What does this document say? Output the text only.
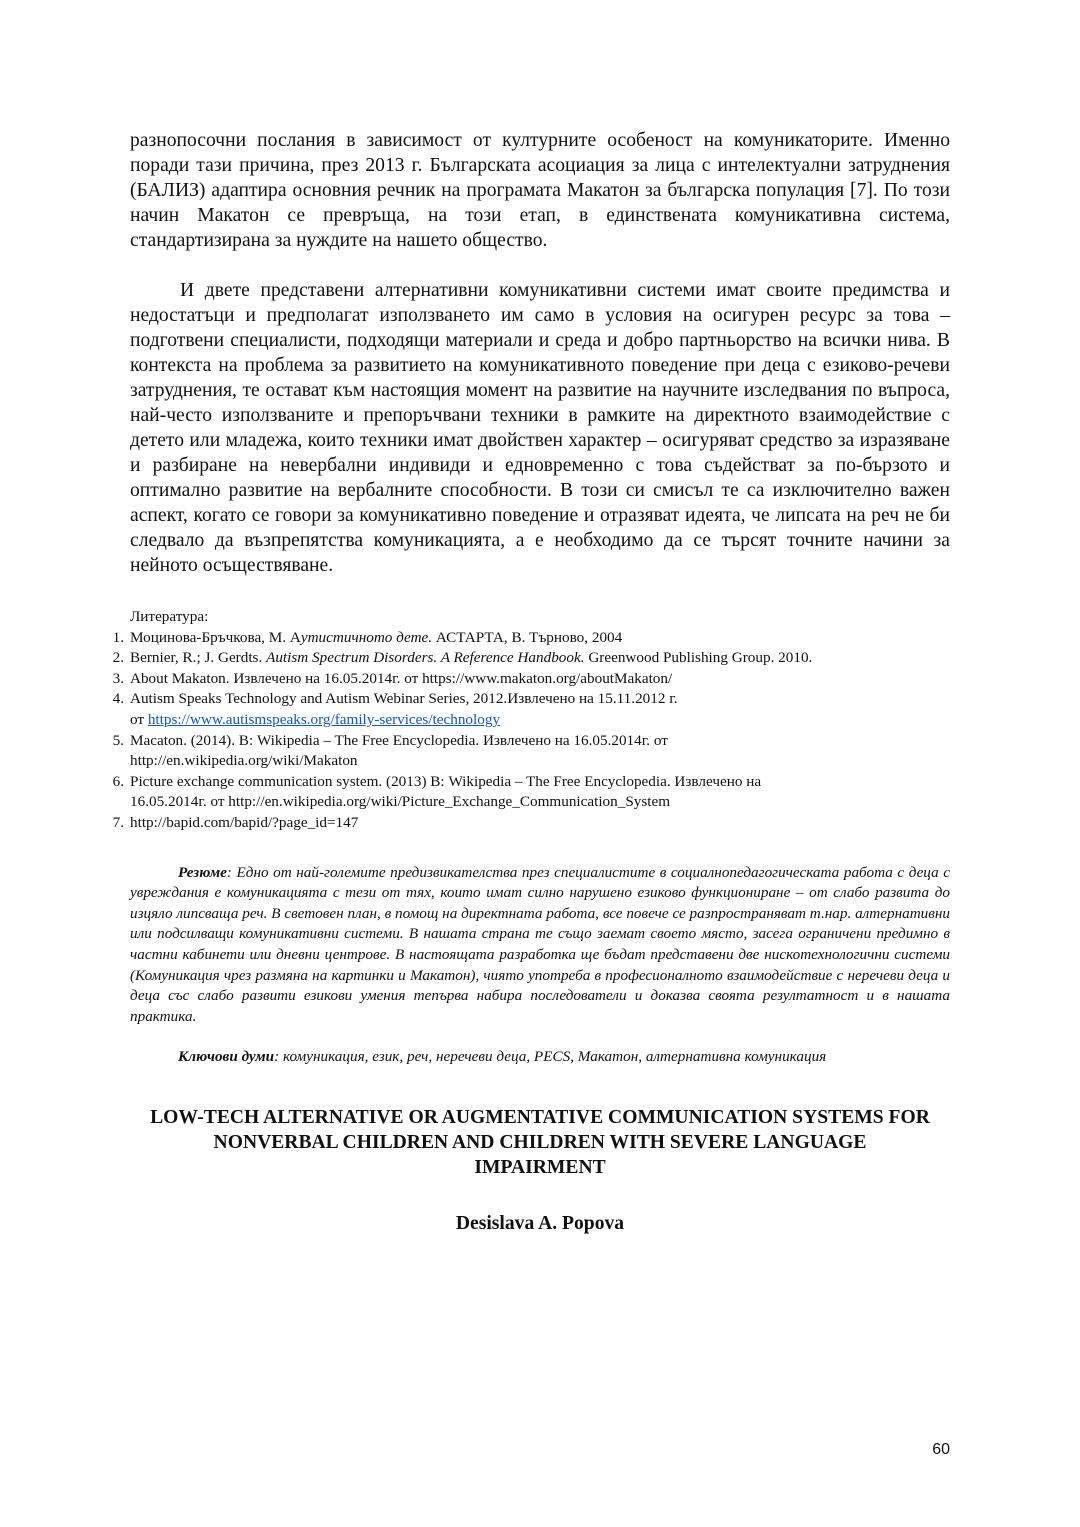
разнопосочни послания в зависимост от културните особеност на комуникаторите. Именно поради тази причина, през 2013 г. Българската асоциация за лица с интелектуални затруднения (БАЛИЗ) адаптира основния речник на програмата Макатон за българска популация [7]. По този начин Макатон се превръща, на този етап, в единствената комуникативна система, стандартизирана за нуждите на нашето общество.

И двете представени алтернативни комуникативни системи имат своите предимства и недостатъци и предполагат използването им само в условия на осигурен ресурс за това – подготвени специалисти, подходящи материали и среда и добро партньорство на всички нива. В контекста на проблема за развитието на комуникативното поведение при деца с езиково-речеви затруднения, те остават към настоящия момент на развитие на научните изследвания по въпроса, най-често използваните и препоръчвани техники в рамките на директното взаимодействие с детето или младежа, които техники имат двойствен характер – осигуряват средство за изразяване и разбиране на невербални индивиди и едновременно с това съдействат за по-бързото и оптимално развитие на вербалните способности. В този си смисъл те са изключително важен аспект, когато се говори за комуникативно поведение и отразяват идеята, че липсата на реч не би следвало да възпрепятства комуникацията, а е необходимо да се търсят точните начини за нейното осъществяване.

Литература:

1. Моцинова-Бръчкова, М. Аутистичното дете. АСТАРТА, В. Търново, 2004
2. Bernier, R.; J. Gerdts. Autism Spectrum Disorders. A Reference Handbook. Greenwood Publishing Group. 2010.
3. About Makaton. Извлечено на 16.05.2014г. от https://www.makaton.org/aboutMakaton/
4. Autism Speaks Technology and Autism Webinar Series, 2012.Извлечено на 15.11.2012 г.
от https://www.autismspeaks.org/family-services/technology
5. Macaton. (2014). В: Wikipedia – The Free Encyclopedia. Извлечено на 16.05.2014г. от
http://en.wikipedia.org/wiki/Makaton
6. Picture exchange communication system. (2013) В: Wikipedia – The Free Encyclopedia. Извлечено на
16.05.2014г. от http://en.wikipedia.org/wiki/Picture_Exchange_Communication_System
7. http://bapid.com/bapid/?page_id=147

Резюме: Едно от най-големите предизвикателства през специалистите в социалнопедагогическата работа с деца с увреждания е комуникацията с тези от тях, които имат силно нарушено езиково функциониране – от слабо развита до изцяло липсваща реч. В световен план, в помощ на директната работа, все повече се разпространяват т.нар. алтернативни или подсилващи комуникативни системи. В нашата страна те също заемат своето място, засега ограничени предимно в частни кабинети или дневни центрове. В настоящата разработка ще бъдат представени две нискотехнологични системи (Комуникация чрез размяна на картинки и Макатон), чиято употреба в професионалното взаимодействие с неречеви деца и деца със слабо развити езикови умения тепърва набира последователи и доказва своята резултатност и в нашата практика.

Ключови думи: комуникация, език, реч, неречеви деца, PECS, Макатон, алтернативна комуникация

LOW-TECH ALTERNATIVE OR AUGMENTATIVE COMMUNICATION SYSTEMS FOR NONVERBAL CHILDREN AND CHILDREN WITH SEVERE LANGUAGE IMPAIRMENT

Desislava A. Popova
60
